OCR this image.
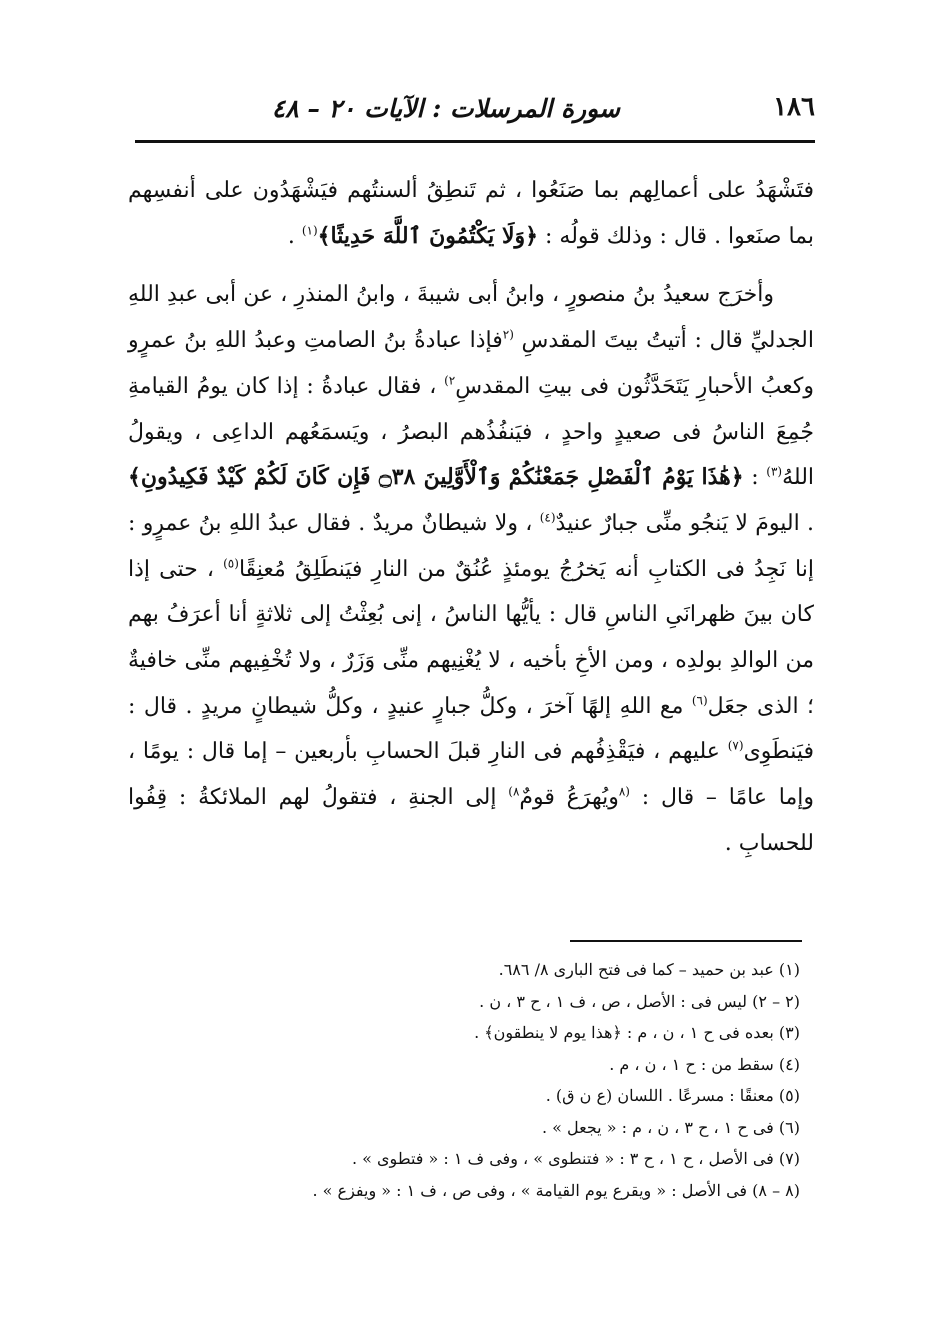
١٨٦
سورة المرسلات : الآيات ٢٠ – ٤٨

فتَشْهَدُ على أعمالِهم بما صَنَعُوا ، ثم تَنطِقُ ألسنتُهم فيَشْهَدُون على أنفسِهم بما صنَعوا . قال : وذلك قولُه : ﴿وَلَا يَكْتُمُونَ ٱللَّهَ حَدِيثًا﴾$^{(١)}$ .

وأخرَج سعيدُ بنُ منصورٍ ، وابنُ أبى شيبةَ ، وابنُ المنذرِ ، عن أبى عبدِ اللهِ الجدليِّ قال : أتيتُ بيتَ المقدسِ $^{(٢}$فإذا عبادةُ بنُ الصامتِ وعبدُ اللهِ بنُ عمرٍو وكعبُ الأحبارِ يَتَحَدَّثُون فى بيتِ المقدسِ$^{٢)}$ ، فقال عبادةُ : إذا كان يومُ القيامةِ جُمِعَ الناسُ فى صعيدٍ واحدٍ ، فيَنفُذُهم البصرُ ، ويَسمَعُهم الداعِى ، ويقولُ اللهُ$^{(٣)}$ : ﴿هَٰذَا يَوْمُ ٱلْفَصْلِ جَمَعْنَٰكُمْ وَٱلْأَوَّلِينَ ۝٣٨ فَإِن كَانَ لَكُمْ كَيْدٌ فَكِيدُونِ﴾ . اليومَ لا يَنجُو منِّى جبارٌ عنيدٌ$^{(٤)}$ ، ولا شيطانٌ مريدٌ . فقال عبدُ اللهِ بنُ عمرٍو : إنا نَجِدُ فى الكتابِ أنه يَخرُجُ يومئذٍ عُنُقٌ من النارِ فيَنطَلِقُ مُعنِقًا$^{(٥)}$ ، حتى إذا كان بينَ ظهرانَىِ الناسِ قال : يأيُّها الناسُ ، إنى بُعِثْتُ إلى ثلاثةٍ أنا أعرَفُ بهم من الوالدِ بولدِه ، ومن الأخِ بأخيه ، لا يُغْنِيهم منِّى وَزَرٌ ، ولا تُخْفِيهم منِّى خافيةٌ ؛ الذى جعَل$^{(٦)}$ مع اللهِ إلهًا آخرَ ، وكلُّ جبارٍ عنيدٍ ، وكلُّ شيطانٍ مريدٍ . قال : فيَنطَوِى$^{(٧)}$ عليهم ، فيَقْذِفُهم فى النارِ قبلَ الحسابِ بأربعين – إما قال : يومًا ، وإما عامًا – قال : $^{(٨}$ويُهرَعُ قومٌ$^{٨)}$ إلى الجنةِ ، فتقولُ لهم الملائكةُ : قِفُوا للحسابِ .

(١) عبد بن حميد – كما فى فتح البارى ٨/ ٦٨٦.
(٢ – ٢) ليس فى : الأصل ، ص ، ف ١ ، ح ٣ ، ن .
(٣) بعده فى ح ١ ، ن ، م : ﴿هذا يوم لا ينطقون﴾ .
(٤) سقط من : ح ١ ، ن ، م .
(٥) معنقًا : مسرعًا . اللسان (ع ن ق) .
(٦) فى ح ١ ، ح ٣ ، ن ، م : « يجعل » .
(٧) فى الأصل ، ح ١ ، ح ٣ : « فتنطوى » ، وفى ف ١ : « فتطوى » .
(٨ – ٨) فى الأصل : « ويقرع يوم القيامة » ، وفى ص ، ف ١ : « ويفزع » .
